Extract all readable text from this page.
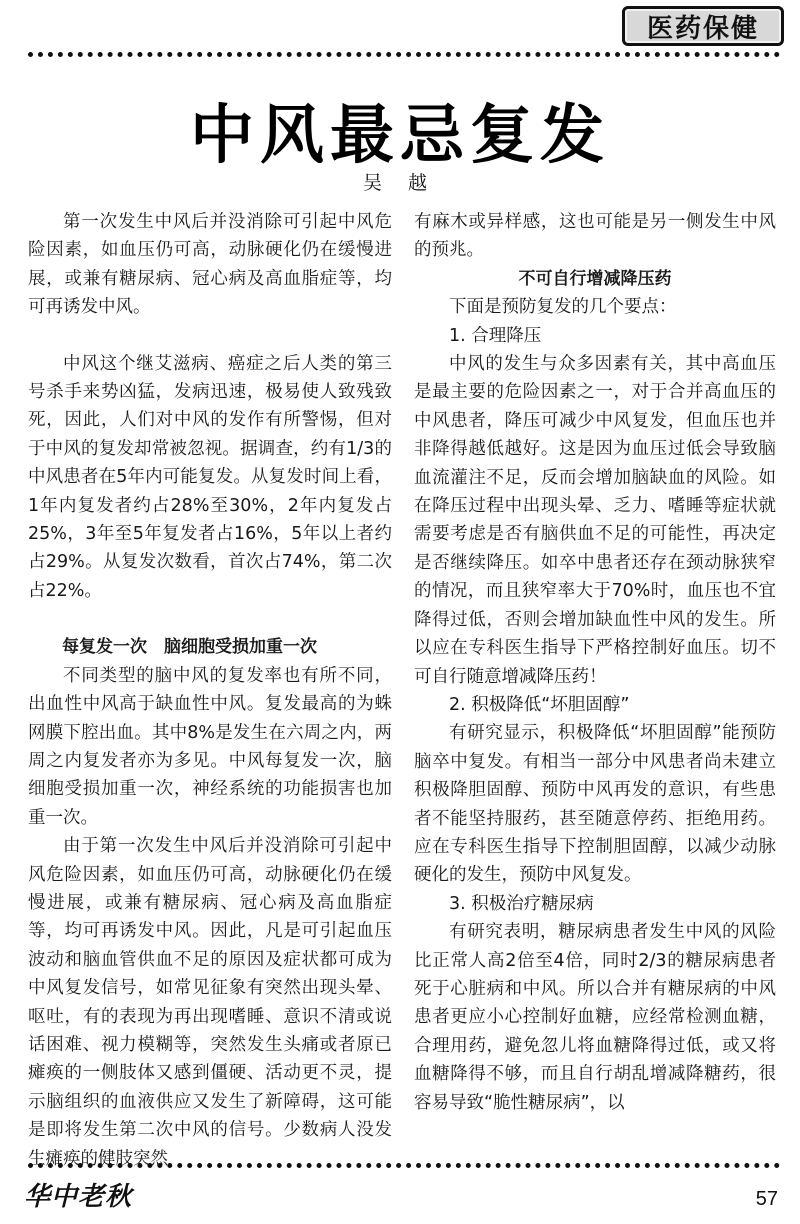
医药保健
中风最忌复发
吴 越

第一次发生中风后并没消除可引起中风危险因素，如血压仍可高，动脉硬化仍在缓慢进展，或兼有糖尿病、冠心病及高血脂症等，均可再诱发中风。

中风这个继艾滋病、癌症之后人类的第三号杀手来势凶猛，发病迅速，极易使人致残致死，因此，人们对中风的发作有所警惕，但对于中风的复发却常被忽视。据调查，约有1/3的中风患者在5年内可能复发。从复发时间上看，1年内复发者约占28%至30%，2年内复发占25%，3年至5年复发者占16%，5年以上者约占29%。从复发次数看，首次占74%，第二次占22%。

每复发一次　脑细胞受损加重一次

不同类型的脑中风的复发率也有所不同，出血性中风高于缺血性中风。复发最高的为蛛网膜下腔出血。其中8%是发生在六周之内，两周之内复发者亦为多见。中风每复发一次，脑细胞受损加重一次，神经系统的功能损害也加重一次。

由于第一次发生中风后并没消除可引起中风危险因素，如血压仍可高，动脉硬化仍在缓慢进展，或兼有糖尿病、冠心病及高血脂症等，均可再诱发中风。因此，凡是可引起血压波动和脑血管供血不足的原因及症状都可成为中风复发信号，如常见征象有突然出现头晕、呕吐，有的表现为再出现嗜睡、意识不清或说话困难、视力模糊等，突然发生头痛或者原已瘫痪的一侧肢体又感到僵硬、活动更不灵，提示脑组织的血液供应又发生了新障碍，这可能是即将发生第二次中风的信号。少数病人没发生瘫痪的健肢突然

有麻木或异样感，这也可能是另一侧发生中风的预兆。

不可自行增减降压药

下面是预防复发的几个要点：

1. 合理降压

中风的发生与众多因素有关，其中高血压是最主要的危险因素之一，对于合并高血压的中风患者，降压可减少中风复发，但血压也并非降得越低越好。这是因为血压过低会导致脑血流灌注不足，反而会增加脑缺血的风险。如在降压过程中出现头晕、乏力、嗜睡等症状就需要考虑是否有脑供血不足的可能性，再决定是否继续降压。如卒中患者还存在颈动脉狭窄的情况，而且狭窄率大于70%时，血压也不宜降得过低，否则会增加缺血性中风的发生。所以应在专科医生指导下严格控制好血压。切不可自行随意增减降压药！

2. 积极降低“坏胆固醇”

有研究显示，积极降低“坏胆固醇”能预防脑卒中复发。有相当一部分中风患者尚未建立积极降胆固醇、预防中风再发的意识，有些患者不能坚持服药，甚至随意停药、拒绝用药。应在专科医生指导下控制胆固醇，以减少动脉硬化的发生，预防中风复发。

3. 积极治疗糖尿病

有研究表明，糖尿病患者发生中风的风险比正常人高2倍至4倍，同时2/3的糖尿病患者死于心脏病和中风。所以合并有糖尿病的中风患者更应小心控制好血糖，应经常检测血糖，合理用药，避免忽儿将血糖降得过低，或又将血糖降得不够，而且自行胡乱增减降糖药，很容易导致“脆性糖尿病”，以

华中老秋	57
